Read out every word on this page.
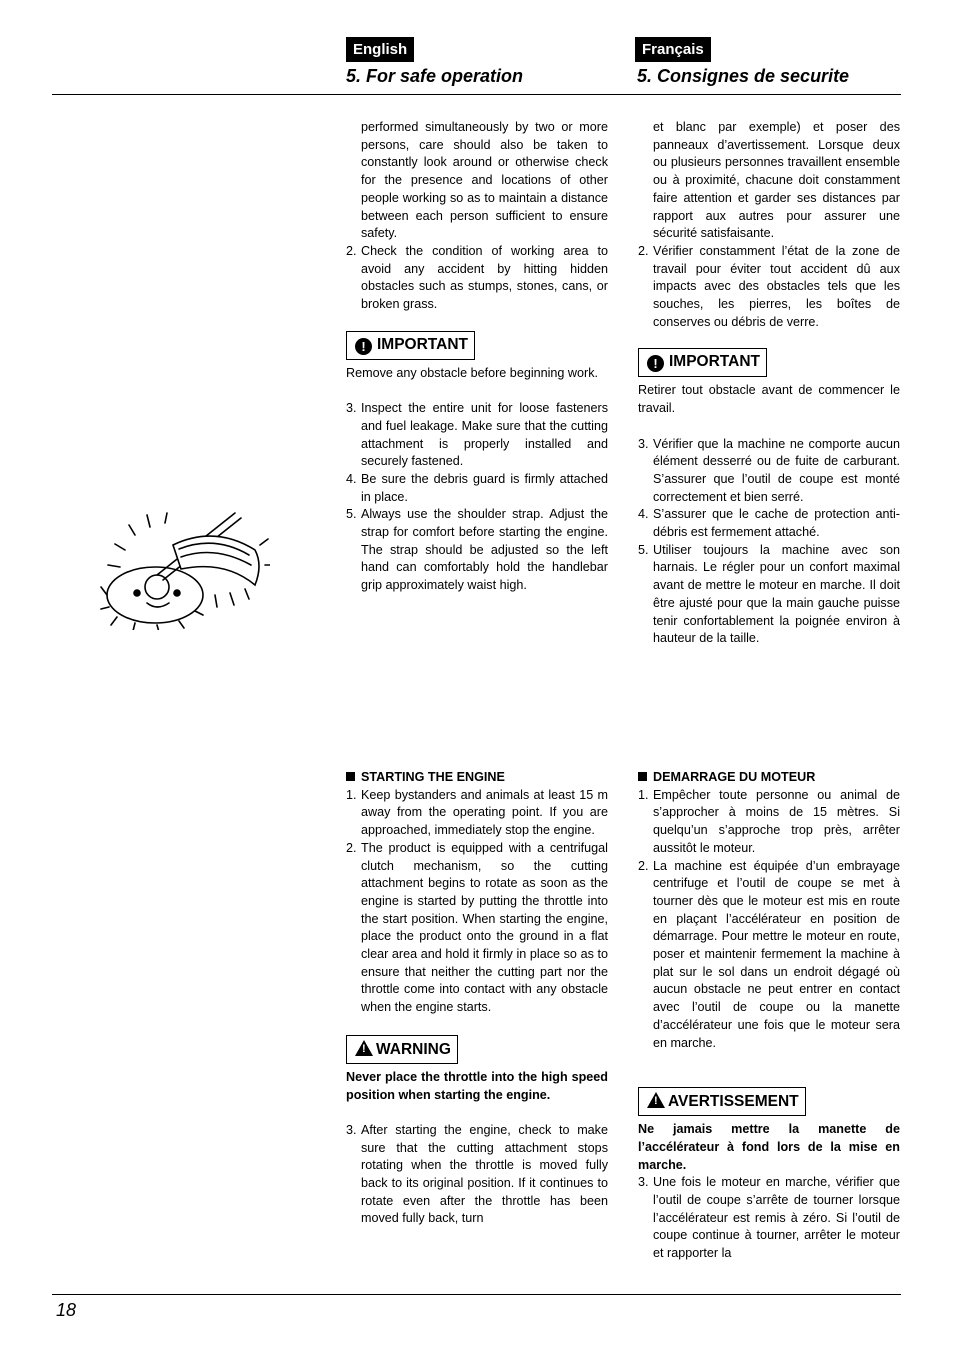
English	Français
5. For safe operation	5. Consignes de securite

performed simultaneously by two or more persons, care should also be taken to constantly look around or otherwise check for the presence and locations of other people working so as to maintain a distance between each person sufficient to ensure safety.

2. Check the condition of working area to avoid any accident by hitting hidden obstacles such as stumps, stones, cans, or broken grass.
! IMPORTANT

Remove any obstacle before beginning work.

3. Inspect the entire unit for loose fasteners and fuel leakage. Make sure that the cutting attachment is properly installed and securely fastened.
4. Be sure the debris guard is firmly attached in place.
5. Always use the shoulder strap. Adjust the strap for comfort before starting the engine. The strap should be adjusted so the left hand can comfortably hold the handlebar grip approximately waist high.
STARTING THE ENGINE
1. Keep bystanders and animals at least 15 m away from the operating point. If you are approached, immediately stop the engine.
2. The product is equipped with a centrifugal clutch mechanism, so the cutting attachment begins to rotate as soon as the engine is started by putting the throttle into the start position. When starting the engine, place the product onto the ground in a flat clear area and hold it firmly in place so as to ensure that neither the cutting part nor the throttle come into contact with any obstacle when the engine starts.
! WARNING

Never place the throttle into the high speed position when starting the engine.

3. After starting the engine, check to make sure that the cutting attachment stops rotating when the throttle is moved fully back to its original position. If it continues to rotate even after the throttle has been moved fully back, turn

et blanc par exemple) et poser des panneaux d’avertissement. Lorsque deux ou plusieurs personnes travaillent ensemble ou à proximité, chacune doit constamment faire attention et garder ses distances par rapport aux autres pour assurer une sécurité satisfaisante.

2. Vérifier constamment l’état de la zone de travail pour éviter tout accident dû aux impacts avec des obstacles tels que les souches, les pierres, les boîtes de conserves ou débris de verre.
! IMPORTANT

Retirer tout obstacle avant de commencer le travail.

3. Vérifier que la machine ne comporte aucun élément desserré ou de fuite de carburant. S’assurer que l’outil de coupe est monté correctement et bien serré.
4. S’assurer que le cache de protection anti-débris est fermement attaché.
5. Utiliser toujours la machine avec son harnais. Le régler pour un confort maximal avant de mettre le moteur en marche. Il doit être ajusté pour que la main gauche puisse tenir confortablement la poignée environ à hauteur de la taille.
DEMARRAGE DU MOTEUR
1. Empêcher toute personne ou animal de s’approcher à moins de 15 mètres. Si quelqu’un s’approche trop près, arrêter aussitôt le moteur.
2. La machine est équipée d’un embrayage centrifuge et l’outil de coupe se met à tourner dès que le moteur est mis en route en plaçant l’accélérateur en position de démarrage. Pour mettre le moteur en route, poser et maintenir fermement la machine à plat sur le sol dans un endroit dégagé où aucun obstacle ne peut entrer en contact avec l’outil de coupe ou la manette d’accélérateur une fois que le moteur sera en marche.
! AVERTISSEMENT

Ne jamais mettre la manette de l’accélérateur à fond lors de la mise en marche.

3. Une fois le moteur en marche, vérifier que l’outil de coupe s’arrête de tourner lorsque l’accélérateur est remis à zéro. Si l’outil de coupe continue à tourner, arrêter le moteur et rapporter la
18
